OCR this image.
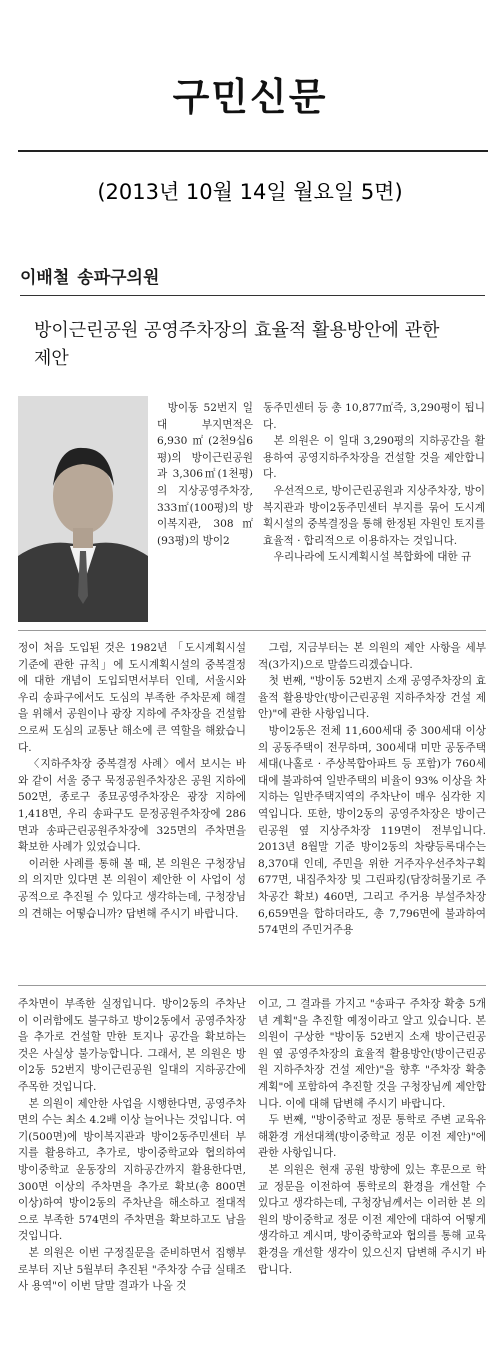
구민신문
(2013년 10월 14일 월요일 5면)
이배철 송파구의원
방이근린공원 공영주차장의 효율적 활용방안에 관한 제안

방이동 52번지 일대 부지면적은 6,930㎡(2천9십6평)의 방이근린공원과 3,306㎡(1천평)의 지상공영주차장, 333㎡(100평)의 방이복지관, 308㎡(93평)의 방이2

동주민센터 등 총 10,877㎡즉, 3,290평이 됩니다.

본 의원은 이 일대 3,290평의 지하공간을 활용하여 공영지하주차장을 건설할 것을 제안합니다.

우선적으로, 방이근린공원과 지상주차장, 방이복지관과 방이2동주민센터 부지를 묶어 도시계획시설의 중복결정을 통해 한정된 자원인 토지를 효율적 · 합리적으로 이용하자는 것입니다.

우리나라에 도시계획시설 복합화에 대한 규

정이 처음 도입된 것은 1982년 「도시계획시설 기준에 관한 규칙」에 도시계획시설의 중복결정에 대한 개념이 도입되면서부터 인데, 서울시와 우리 송파구에서도 도심의 부족한 주차문제 해결을 위해서 공원이나 광장 지하에 주차장을 건설함으로써 도심의 교통난 해소에 큰 역할을 해왔습니다.

〈지하주차장 중복결정 사례〉에서 보시는 바와 같이 서울 중구 묵정공원주차장은 공원 지하에 502면, 종로구 종묘공영주차장은 광장 지하에 1,418면, 우리 송파구도 문정공원주차장에 286면과 송파근린공원주차장에 325면의 주차면을 확보한 사례가 있었습니다.

이러한 사례를 통해 볼 때, 본 의원은 구청장님의 의지만 있다면 본 의원이 제안한 이 사업이 성공적으로 추진될 수 있다고 생각하는데, 구청장님의 견해는 어떻습니까? 답변해 주시기 바랍니다.

그럼, 지금부터는 본 의원의 제안 사항을 세부적(3가지)으로 말씀드리겠습니다.

첫 번째, "방이동 52번지 소재 공영주차장의 효율적 활용방안(방이근린공원 지하주차장 건설 제안)"에 관한 사항입니다.

방이2동은 전체 11,600세대 중 300세대 이상의 공동주택이 전무하며, 300세대 미만 공동주택세대(나홀로 · 주상복합아파트 등 포함)가 760세대에 불과하여 일반주택의 비율이 93% 이상을 차지하는 일반주택지역의 주차난이 매우 심각한 지역입니다. 또한, 방이2동의 공영주차장은 방이근린공원 옆 지상주차장 119면이 전부입니다. 2013년 8월말 기준 방이2동의 차량등록대수는 8,370대 인데, 주민을 위한 거주자우선주차구획 677면, 내집주차장 및 그린파킹(담장허물기로 주차공간 확보) 460면, 그리고 주거용 부설주차장 6,659면을 합하더라도, 총 7,796면에 불과하여 574면의 주민거주용

주차면이 부족한 실정입니다. 방이2동의 주차난이 이러함에도 불구하고 방이2동에서 공영주차장을 추가로 건설할 만한 토지나 공간을 확보하는 것은 사실상 불가능합니다. 그래서, 본 의원은 방이2동 52번지 방이근린공원 일대의 지하공간에 주목한 것입니다.

본 의원이 제안한 사업을 시행한다면, 공영주차면의 수는 최소 4.2배 이상 늘어나는 것입니다. 여기(500면)에 방이복지관과 방이2동주민센터 부지를 활용하고, 추가로, 방이중학교와 협의하여 방이중학교 운동장의 지하공간까지 활용한다면, 300면 이상의 주차면을 추가로 확보(총 800면 이상)하여 방이2동의 주차난을 해소하고 절대적으로 부족한 574면의 주차면을 확보하고도 남을 것입니다.

본 의원은 이번 구정질문을 준비하면서 집행부로부터 지난 5월부터 추진된 "주차장 수급 실태조사 용역"이 이번 달말 결과가 나올 것

이고, 그 결과를 가지고 "송파구 주차장 확충 5개년 계획"을 추진할 예정이라고 알고 있습니다. 본 의원이 구상한 "방이동 52번지 소재 방이근린공원 옆 공영주차장의 효율적 활용방안(방이근린공원 지하주차장 건설 제안)"을 향후 "주차장 확충 계획"에 포함하여 추진할 것을 구청장님께 제안합니다. 이에 대해 답변해 주시기 바랍니다.

두 번째, "방이중학교 정문 통학로 주변 교육유해환경 개선대책(방이중학교 정문 이전 제안)"에 관한 사항입니다.

본 의원은 현재 공원 방향에 있는 후문으로 학교 정문을 이전하여 통학로의 환경을 개선할 수 있다고 생각하는데, 구청장님께서는 이러한 본 의원의 방이중학교 정문 이전 제안에 대하여 어떻게 생각하고 계시며, 방이중학교와 협의를 통해 교육환경을 개선할 생각이 있으신지 답변해 주시기 바랍니다.
